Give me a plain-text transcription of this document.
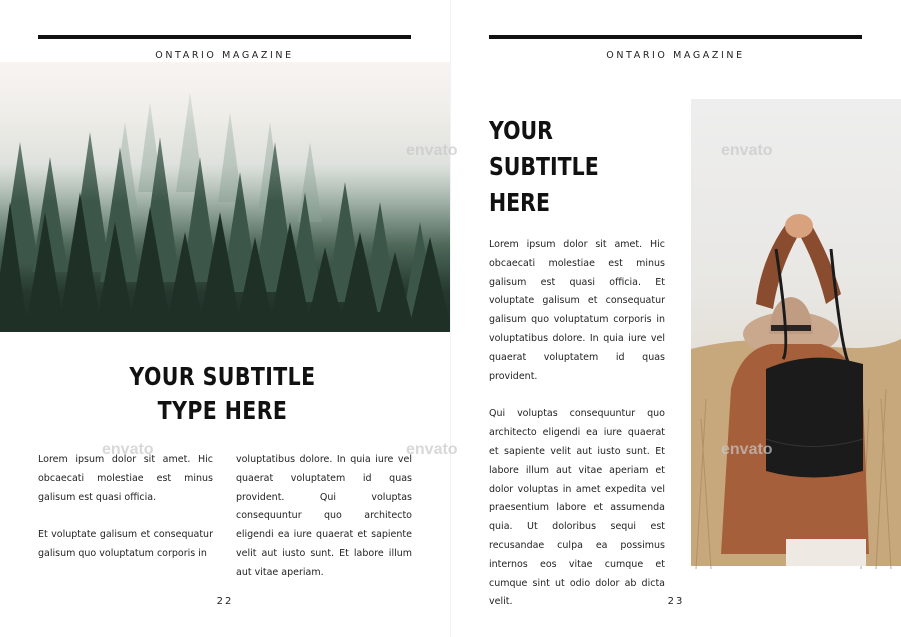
ONTARIO MAGAZINE
YOUR SUBTITLE
TYPE HERE

Lorem ipsum dolor sit amet. Hic obcaecati molestiae est minus galisum est quasi officia.

Et voluptate galisum et consequatur galisum quo voluptatum corporis in

voluptatibus dolore. In quia iure vel quaerat voluptatem id quas provident. Qui voluptas consequuntur quo architecto eligendi ea iure quaerat et sapiente velit aut iusto sunt. Et labore illum aut vitae aperiam.

envato
22
ONTARIO MAGAZINE
YOUR
SUBTITLE
HERE

Lorem ipsum dolor sit amet. Hic obcaecati molestiae est minus galisum est quasi officia. Et voluptate galisum et consequatur galisum quo voluptatum corporis in voluptatibus dolore. In quia iure vel quaerat voluptatem id quas provident.

Qui voluptas consequuntur quo architecto eligendi ea iure quaerat et sapiente velit aut iusto sunt. Et labore illum aut vitae aperiam et dolor voluptas in amet expedita vel praesentium labore et assumenda quia. Ut doloribus sequi est recusandae culpa ea possimus internos eos vitae cumque et cumque sint ut odio dolor ab dicta velit.

envato
envato
envato
envato
23
